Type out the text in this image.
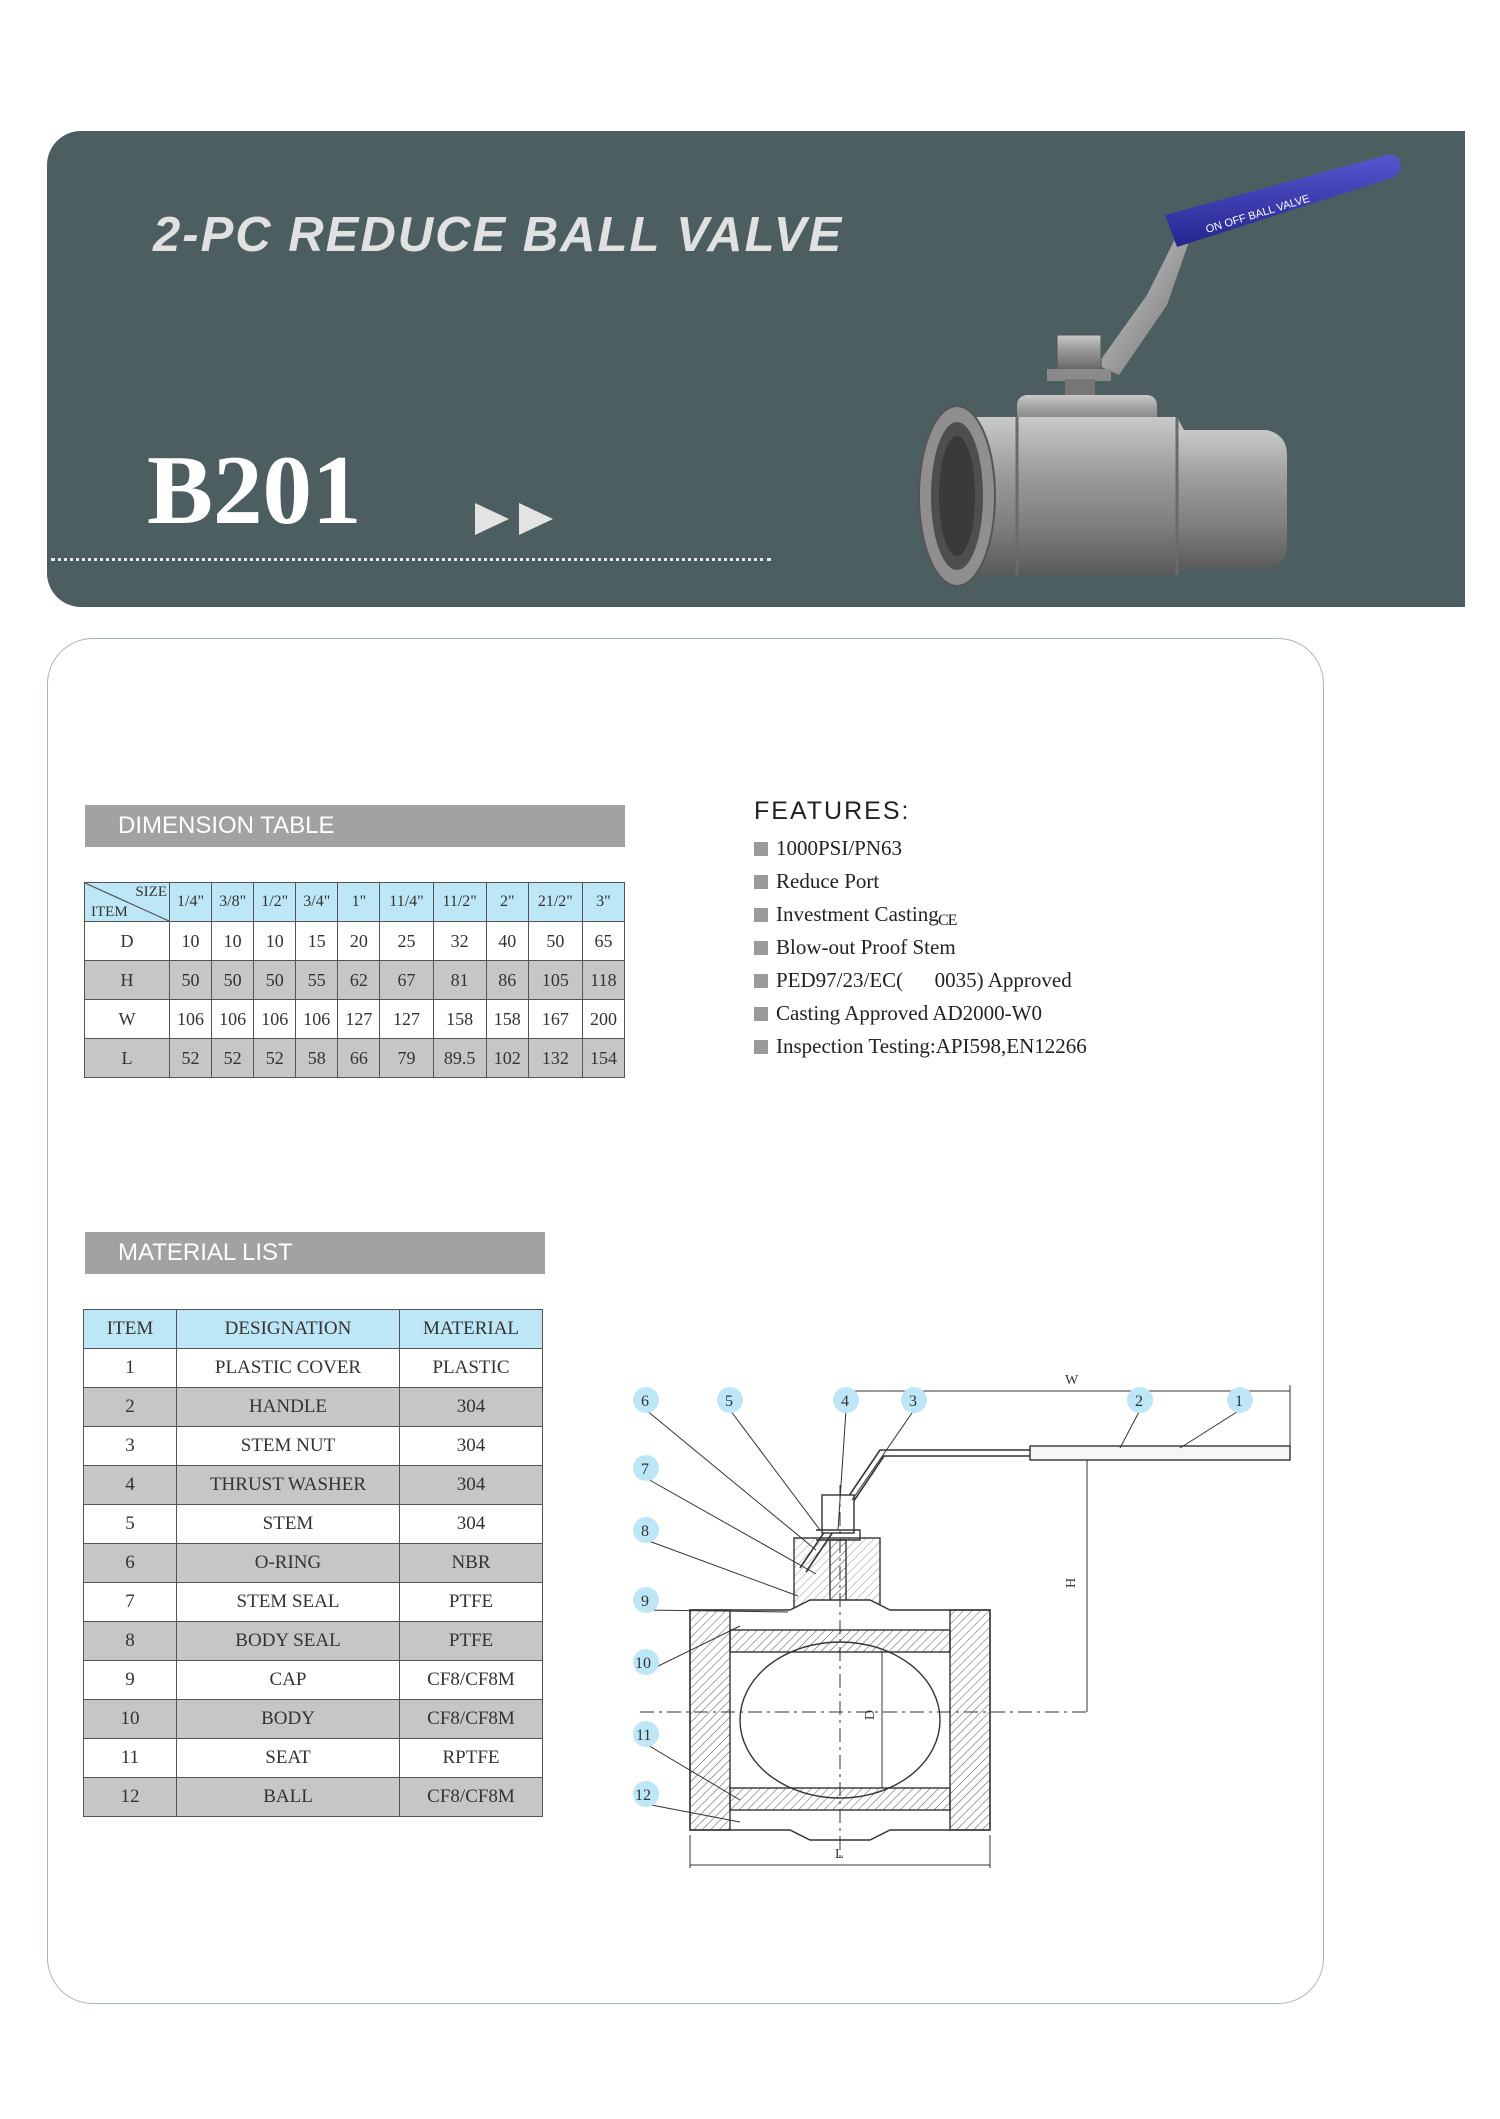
2-PC REDUCE BALL VALVE
B201
ON OFF BALL VALVE
DIMENSION TABLE
SIZE
ITEM	1/4"	3/8"	1/2"	3/4"	1"	11/4"	11/2"	2"	21/2"	3"
D	10	10	10	15	20	25	32	40	50	65
H	50	50	50	55	62	67	81	86	105	118
W	106	106	106	106	127	127	158	158	167	200
L	52	52	52	58	66	79	89.5	102	132	154
FEATURES:
1000PSI/PN63
Reduce Port
Investment Casting CE
Blow-out Proof Stem
PED97/23/EC(      0035) Approved
Casting Approved AD2000-W0
Inspection Testing:API598,EN12266
MATERIAL LIST
ITEM	DESIGNATION	MATERIAL
1	PLASTIC COVER	PLASTIC
2	HANDLE	304
3	STEM NUT	304
4	THRUST WASHER	304
5	STEM	304
6	O-RING	NBR
7	STEM SEAL	PTFE
8	BODY SEAL	PTFE
9	CAP	CF8/CF8M
10	BODY	CF8/CF8M
11	SEAT	RPTFE
12	BALL	CF8/CF8M
W
H
D
L
1
2
3
4
5
6
7
8
9
10
11
12
